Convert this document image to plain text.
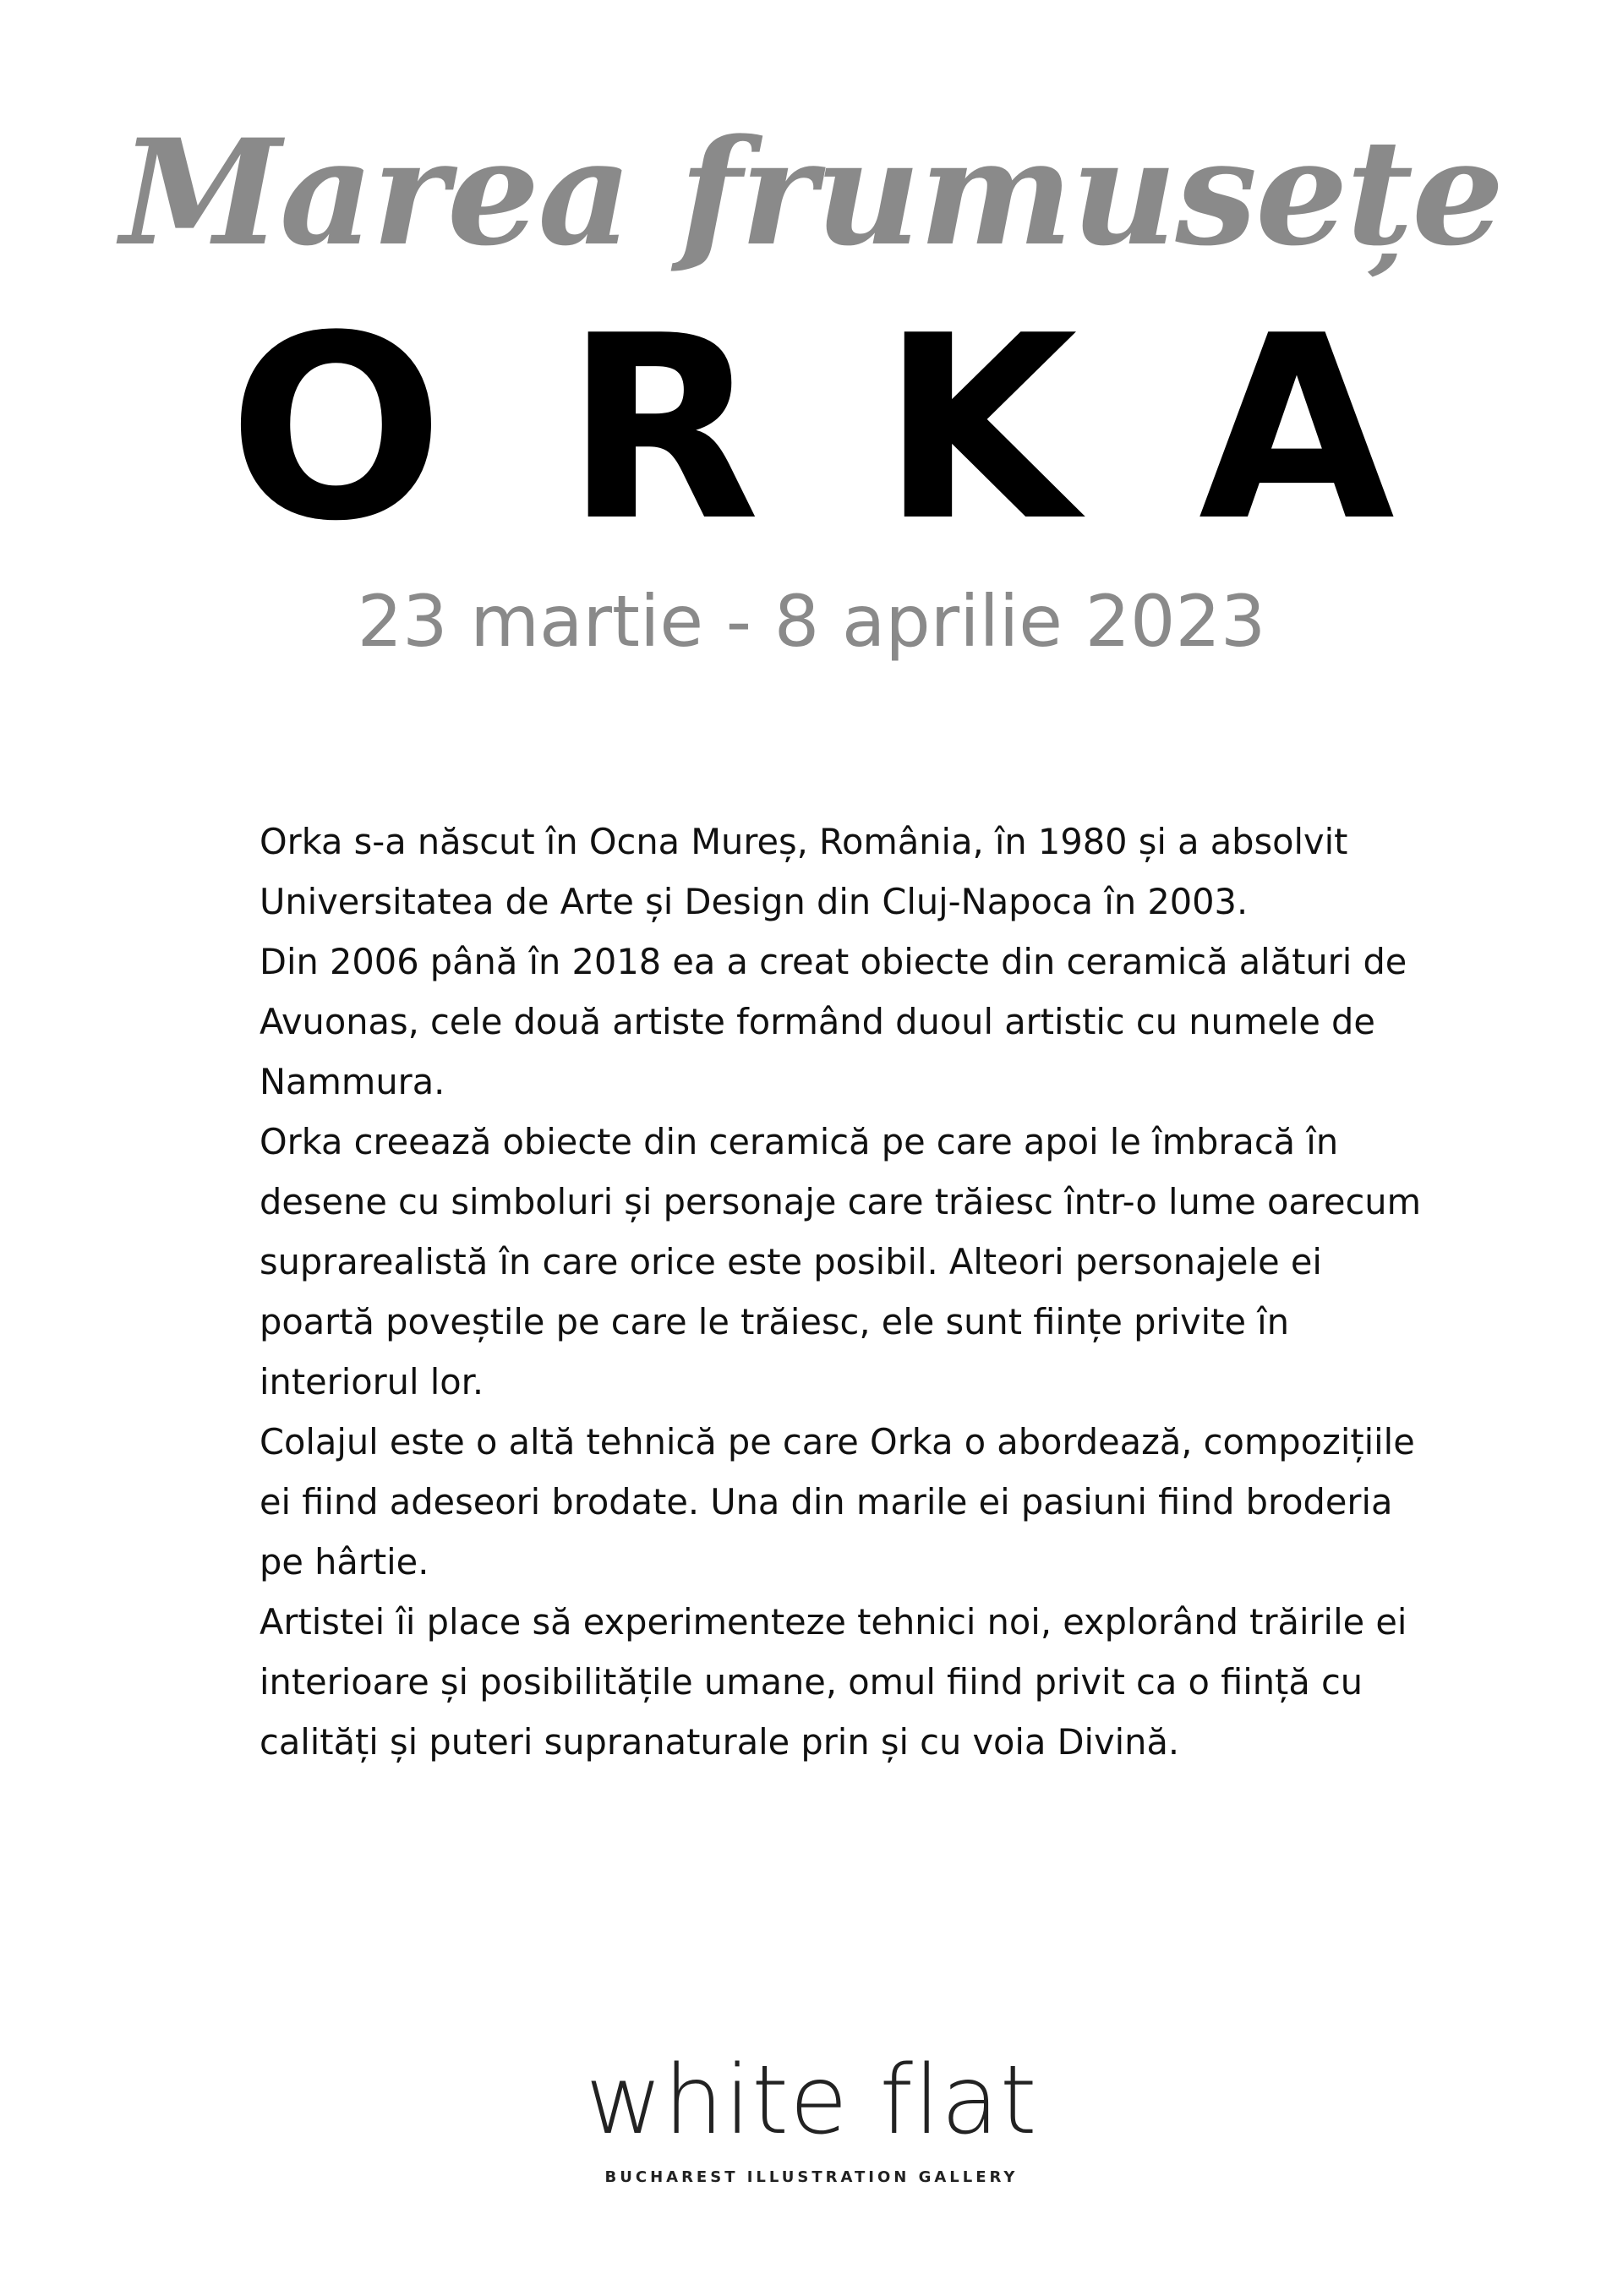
Marea frumusețe
O R K A
23 martie - 8 aprilie 2023

Orka s-a născut în Ocna Mureș, România, în 1980 și a absolvit Universitatea de Arte și Design din Cluj-Napoca în 2003.

Din 2006 până în 2018 ea a creat obiecte din ceramică alături de Avuonas, cele două artiste formând duoul artistic cu numele de Nammura.

Orka creează obiecte din ceramică pe care apoi le îmbracă în desene cu simboluri și personaje care trăiesc într-o lume oarecum suprarealistă în care orice este posibil. Alteori personajele ei poartă poveștile pe care le trăiesc, ele sunt ființe privite în interiorul lor.

Colajul este o altă tehnică pe care Orka o abordează, compozițiile ei fiind adeseori brodate. Una din marile ei pasiuni fiind broderia pe hârtie.

Artistei îi place să experimenteze tehnici noi, explorând trăirile ei interioare și posibilitățile umane, omul fiind privit ca o ființă cu calități și puteri supranaturale prin și cu voia Divină.

white flat
BUCHAREST ILLUSTRATION GALLERY
